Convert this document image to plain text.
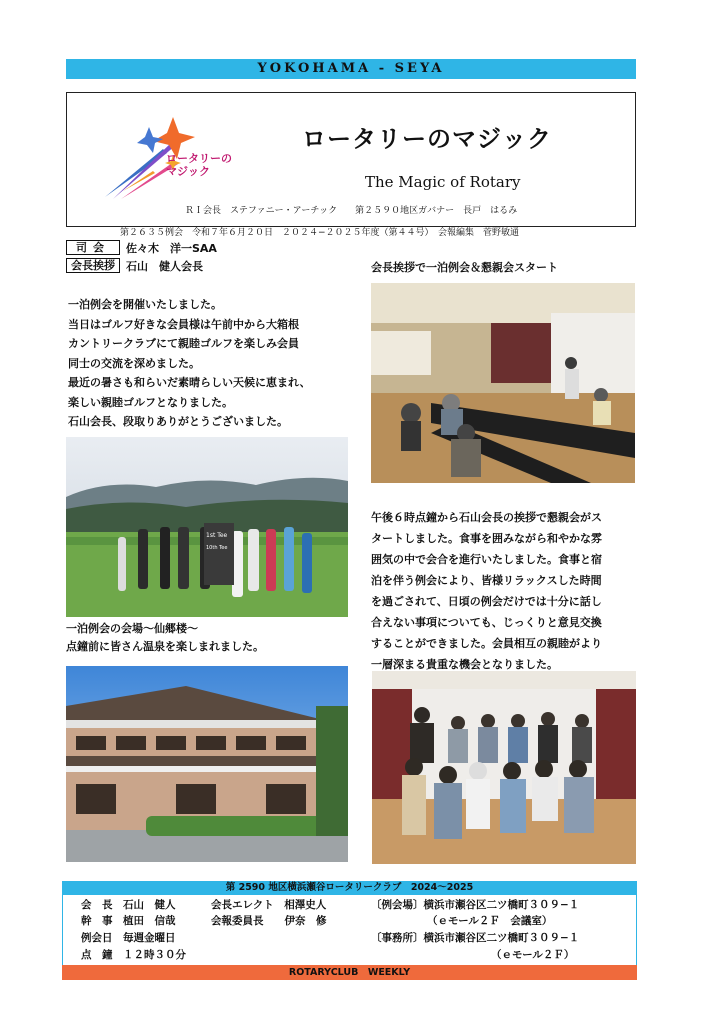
YOKOHAMA - SEYA
ロータリーの
マジック
ロータリーのマジック
The Magic of Rotary
ＲＩ会長　ステファニー・アーチック　　第２５９０地区ガバナー　長戸　はるみ
第２６３５例会　令和７年６月２０日　２０２４−２０２５年度（第４４号）　会報編集　菅野敏通
司会	佐々木　洋一SAA
会長挨拶	石山　健人会長
一泊例会を開催いたしました。
当日はゴルフ好きな会員様は午前中から大箱根
カントリークラブにて親睦ゴルフを楽しみ会員
同士の交流を深めました。
最近の暑さも和らいだ素晴らしい天候に恵まれ、
楽しい親睦ゴルフとなりました。
石山会長、段取りありがとうございました。
1st Tee
10th Tee
一泊例会の会場〜仙郷楼〜
点鐘前に皆さん温泉を楽しまれました。
会長挨拶で一泊例会＆懇親会スタート
午後６時点鐘から石山会長の挨拶で懇親会がス
タートしました。食事を囲みながら和やかな雰
囲気の中で会合を進行いたしました。食事と宿
泊を伴う例会により、皆様リラックスした時間
を過ごされて、日頃の例会だけでは十分に話し
合えない事項についても、じっくりと意見交換
することができました。会員相互の親睦がより
一層深まる貴重な機会となりました。
第 2590 地区横浜瀬谷ロータリークラブ　2024〜2025
会　長　石山　健人	会長エレクト　相澤史人	〔例会場〕横浜市瀬谷区二ツ橋町３０９−１
（ｅモール２Ｆ　会議室）
幹　事　植田　信哉	会報委員長　　伊奈　修
例会日　毎週金曜日	〔事務所〕横浜市瀬谷区二ツ橋町３０９−１
点　鐘　１２時３０分	（ｅモール２Ｆ）
ROTARYCLUB　WEEKLY
